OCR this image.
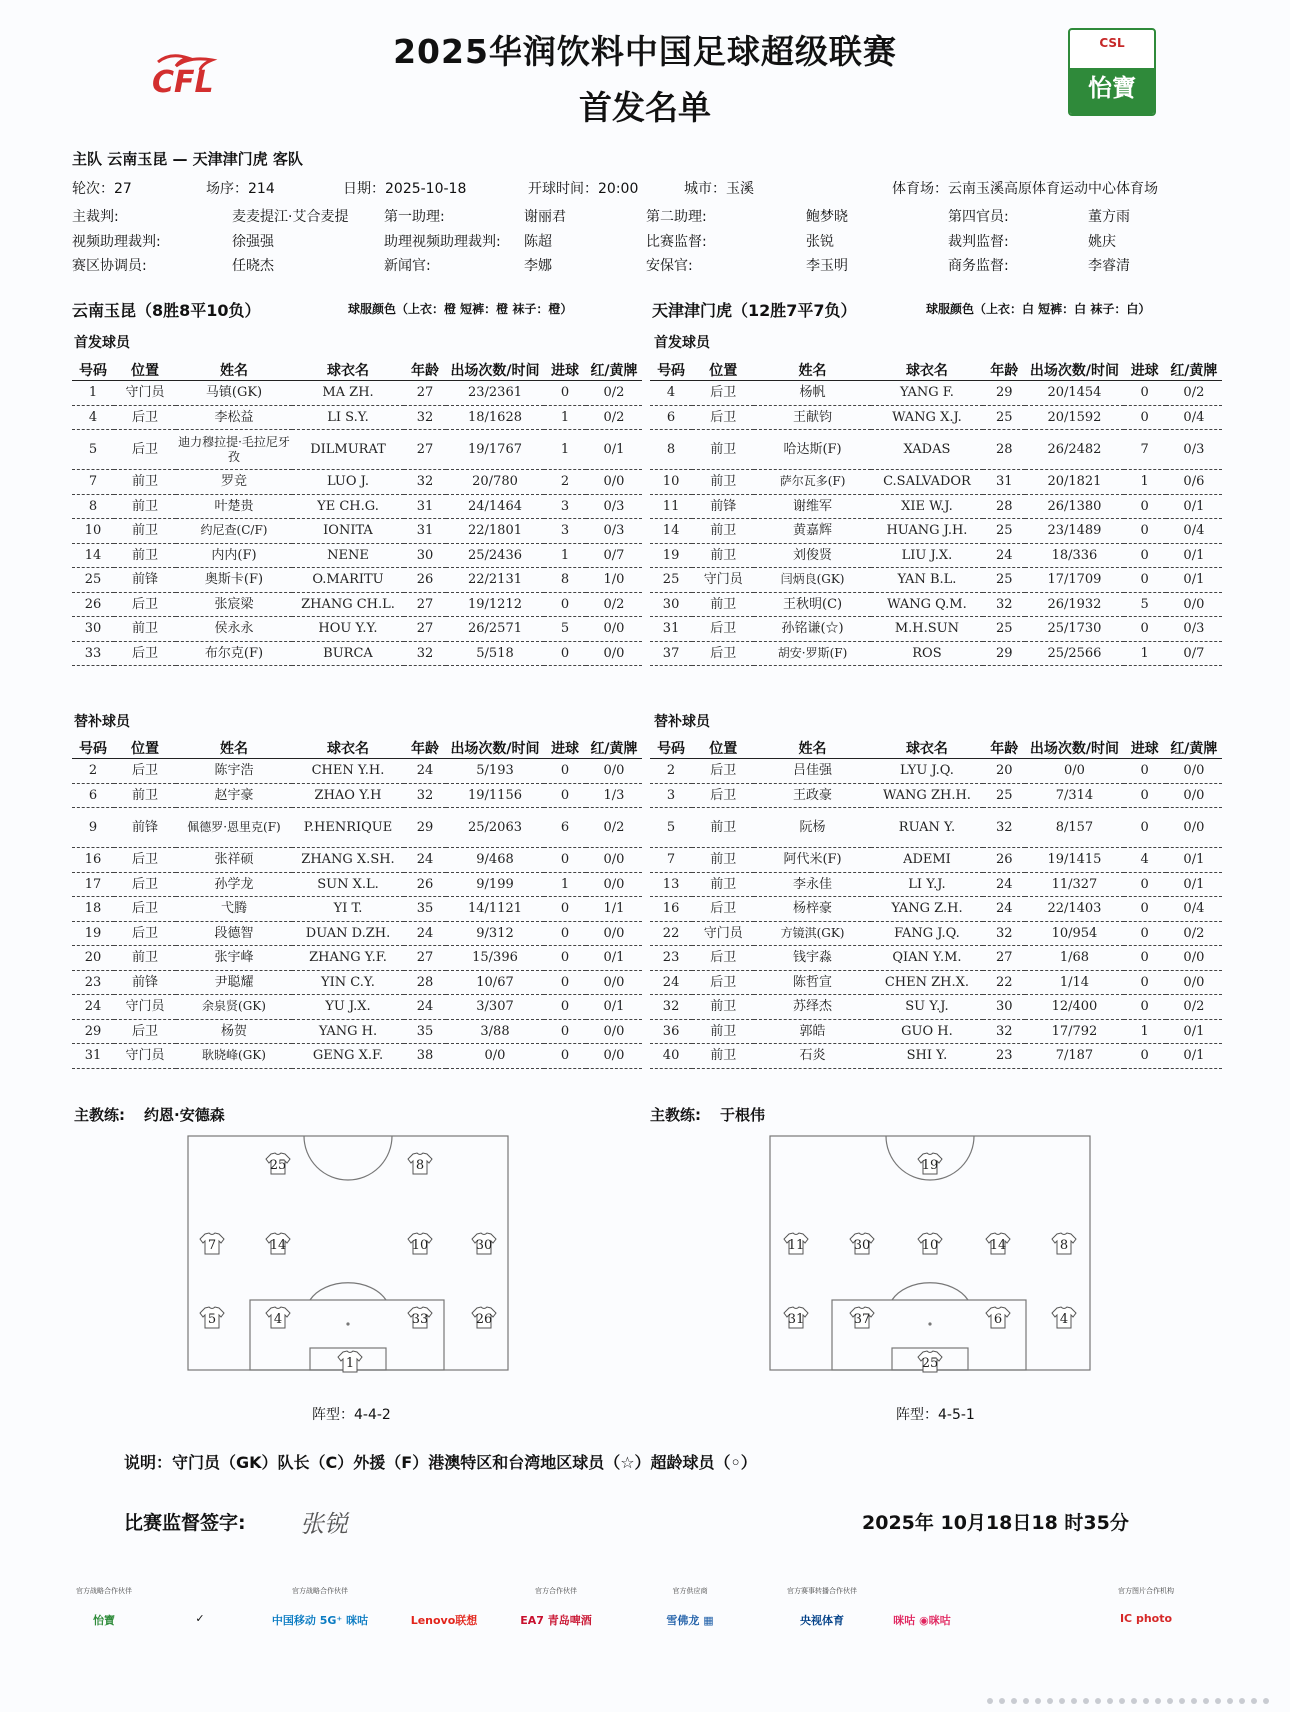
CFL
2025华润饮料中国足球超级联赛
首发名单
CSL
怡寶
主队 云南玉昆 — 天津津门虎 客队
轮次：27	场序：214	日期：2025-10-18	开球时间：20:00	城市：玉溪	体育场：云南玉溪高原体育运动中心体育场
主裁判:	麦麦提江·艾合麦提	第一助理:	谢丽君	第二助理:	鲍梦晓	第四官员:	董方雨
视频助理裁判:	徐强强	助理视频助理裁判: 陈超	比赛监督:	张锐	裁判监督:	姚庆
赛区协调员:	任晓杰	新闻官:	李娜	安保官:	李玉明	商务监督:	李睿清
云南玉昆（8胜8平10负）	球服颜色（上衣：橙 短裤：橙 袜子：橙）	天津津门虎（12胜7平7负）	球服颜色（上衣：白 短裤：白 袜子：白）
首发球员	首发球员
替补球员	替补球员
号码	位置	姓名	球衣名	年龄	出场次数/时间	进球	红/黄牌
1	守门员	马镇(GK)	MA ZH.	27	23/2361	0	0/2
4	后卫	李松益	LI S.Y.	32	18/1628	1	0/2
5	后卫	迪力穆拉提·毛拉尼牙孜	DILMURAT	27	19/1767	1	0/1
7	前卫	罗竞	LUO J.	32	20/780	2	0/0
8	前卫	叶楚贵	YE CH.G.	31	24/1464	3	0/3
10	前卫	约尼查(C/F)	IONITA	31	22/1801	3	0/3
14	前卫	内内(F)	NENE	30	25/2436	1	0/7
25	前锋	奥斯卡(F)	O.MARITU	26	22/2131	8	1/0
26	后卫	张宸梁	ZHANG CH.L.	27	19/1212	0	0/2
30	前卫	侯永永	HOU Y.Y.	27	26/2571	5	0/0
33	后卫	布尔克(F)	BURCA	32	5/518	0	0/0
号码	位置	姓名	球衣名	年龄	出场次数/时间	进球	红/黄牌
4	后卫	杨帆	YANG F.	29	20/1454	0	0/2
6	后卫	王献钧	WANG X.J.	25	20/1592	0	0/4
8	前卫	哈达斯(F)	XADAS	28	26/2482	7	0/3
10	前卫	萨尔瓦多(F)	C.SALVADOR	31	20/1821	1	0/6
11	前锋	谢维军	XIE W.J.	28	26/1380	0	0/1
14	前卫	黄嘉辉	HUANG J.H.	25	23/1489	0	0/4
19	前卫	刘俊贤	LIU J.X.	24	18/336	0	0/1
25	守门员	闫炳良(GK)	YAN B.L.	25	17/1709	0	0/1
30	前卫	王秋明(C)	WANG Q.M.	32	26/1932	5	0/0
31	后卫	孙铭谦(☆)	M.H.SUN	25	25/1730	0	0/3
37	后卫	胡安·罗斯(F)	ROS	29	25/2566	1	0/7
号码	位置	姓名	球衣名	年龄	出场次数/时间	进球	红/黄牌
2	后卫	陈宇浩	CHEN Y.H.	24	5/193	0	0/0
6	前卫	赵宇豪	ZHAO Y.H	32	19/1156	0	1/3
9	前锋	佩德罗·恩里克(F)	P.HENRIQUE	29	25/2063	6	0/2
16	后卫	张祥硕	ZHANG X.SH.	24	9/468	0	0/0
17	后卫	孙学龙	SUN X.L.	26	9/199	1	0/0
18	后卫	弋腾	YI T.	35	14/1121	0	1/1
19	后卫	段德智	DUAN D.ZH.	24	9/312	0	0/0
20	前卫	张宇峰	ZHANG Y.F.	27	15/396	0	0/1
23	前锋	尹聪耀	YIN C.Y.	28	10/67	0	0/0
24	守门员	余泉贤(GK)	YU J.X.	24	3/307	0	0/1
29	后卫	杨贺	YANG H.	35	3/88	0	0/0
31	守门员	耿晓峰(GK)	GENG X.F.	38	0/0	0	0/0
号码	位置	姓名	球衣名	年龄	出场次数/时间	进球	红/黄牌
2	后卫	吕佳强	LYU J.Q.	20	0/0	0	0/0
3	后卫	王政豪	WANG ZH.H.	25	7/314	0	0/0
5	前卫	阮杨	RUAN Y.	32	8/157	0	0/0
7	前卫	阿代米(F)	ADEMI	26	19/1415	4	0/1
13	前卫	李永佳	LI Y.J.	24	11/327	0	0/1
16	后卫	杨梓豪	YANG Z.H.	24	22/1403	0	0/4
22	守门员	方镜淇(GK)	FANG J.Q.	32	10/954	0	0/2
23	后卫	钱宇淼	QIAN Y.M.	27	1/68	0	0/0
24	后卫	陈哲宣	CHEN ZH.X.	22	1/14	0	0/0
32	前卫	苏绎杰	SU Y.J.	30	12/400	0	0/2
36	前卫	郭皓	GUO H.	32	17/792	1	0/1
40	前卫	石炎	SHI Y.	23	7/187	0	0/1
主教练: 约恩·安德森	主教练: 于根伟
25	8
7	14	10	30
5	4	33	26
1
19
11	30	10	14	8
31	37	6	4
25
阵型：4-4-2	阵型：4-5-1
说明：守门员（GK）队长（C）外援（F）港澳特区和台湾地区球员（☆）超龄球员（◦）
比赛监督签字: 张锐	2025年 10月18日18 时35分
官方战略合作伙伴
怡寶	✓
官方战略合作伙伴
中国移动 5G⁺ 咪咕	Lenovo联想
官方合作伙伴
EA7 青岛啤酒
官方供应商
雪佛龙 ▦
官方赛事转播合作伙伴
央视体育	咪咕 ◉咪咕
官方图片合作机构
IC photo
